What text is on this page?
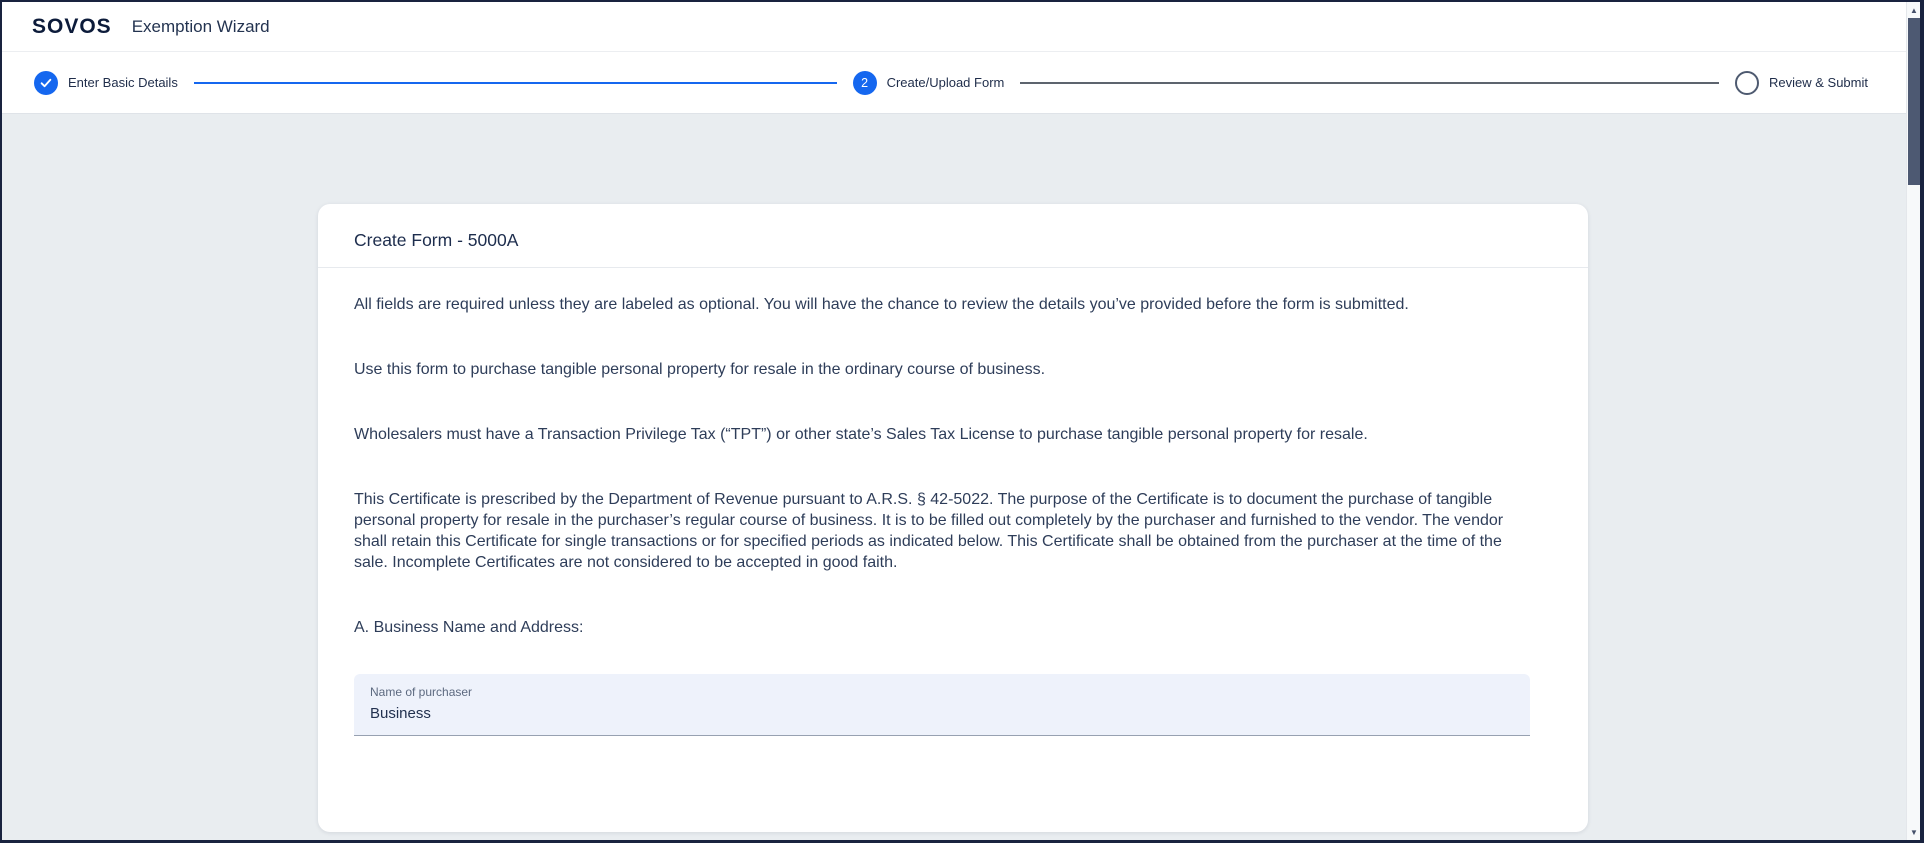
SOVOS Exemption Wizard
Enter Basic Details	2	Create/Upload Form	Review & Submit
Create Form - 5000A

All fields are required unless they are labeled as optional. You will have the chance to review the details you’ve provided before the form is submitted.

Use this form to purchase tangible personal property for resale in the ordinary course of business.

Wholesalers must have a Transaction Privilege Tax (“TPT”) or other state’s Sales Tax License to purchase tangible personal property for resale.

This Certificate is prescribed by the Department of Revenue pursuant to A.R.S. § 42-5022. The purpose of the Certificate is to document the purchase of tangible personal property for resale in the purchaser’s regular course of business. It is to be filled out completely by the purchaser and furnished to the vendor. The vendor shall retain this Certificate for single transactions or for specified periods as indicated below. This Certificate shall be obtained from the purchaser at the time of the sale. Incomplete Certificates are not considered to be accepted in good faith.

A. Business Name and Address:
Name of purchaser
Business
▲
▼
